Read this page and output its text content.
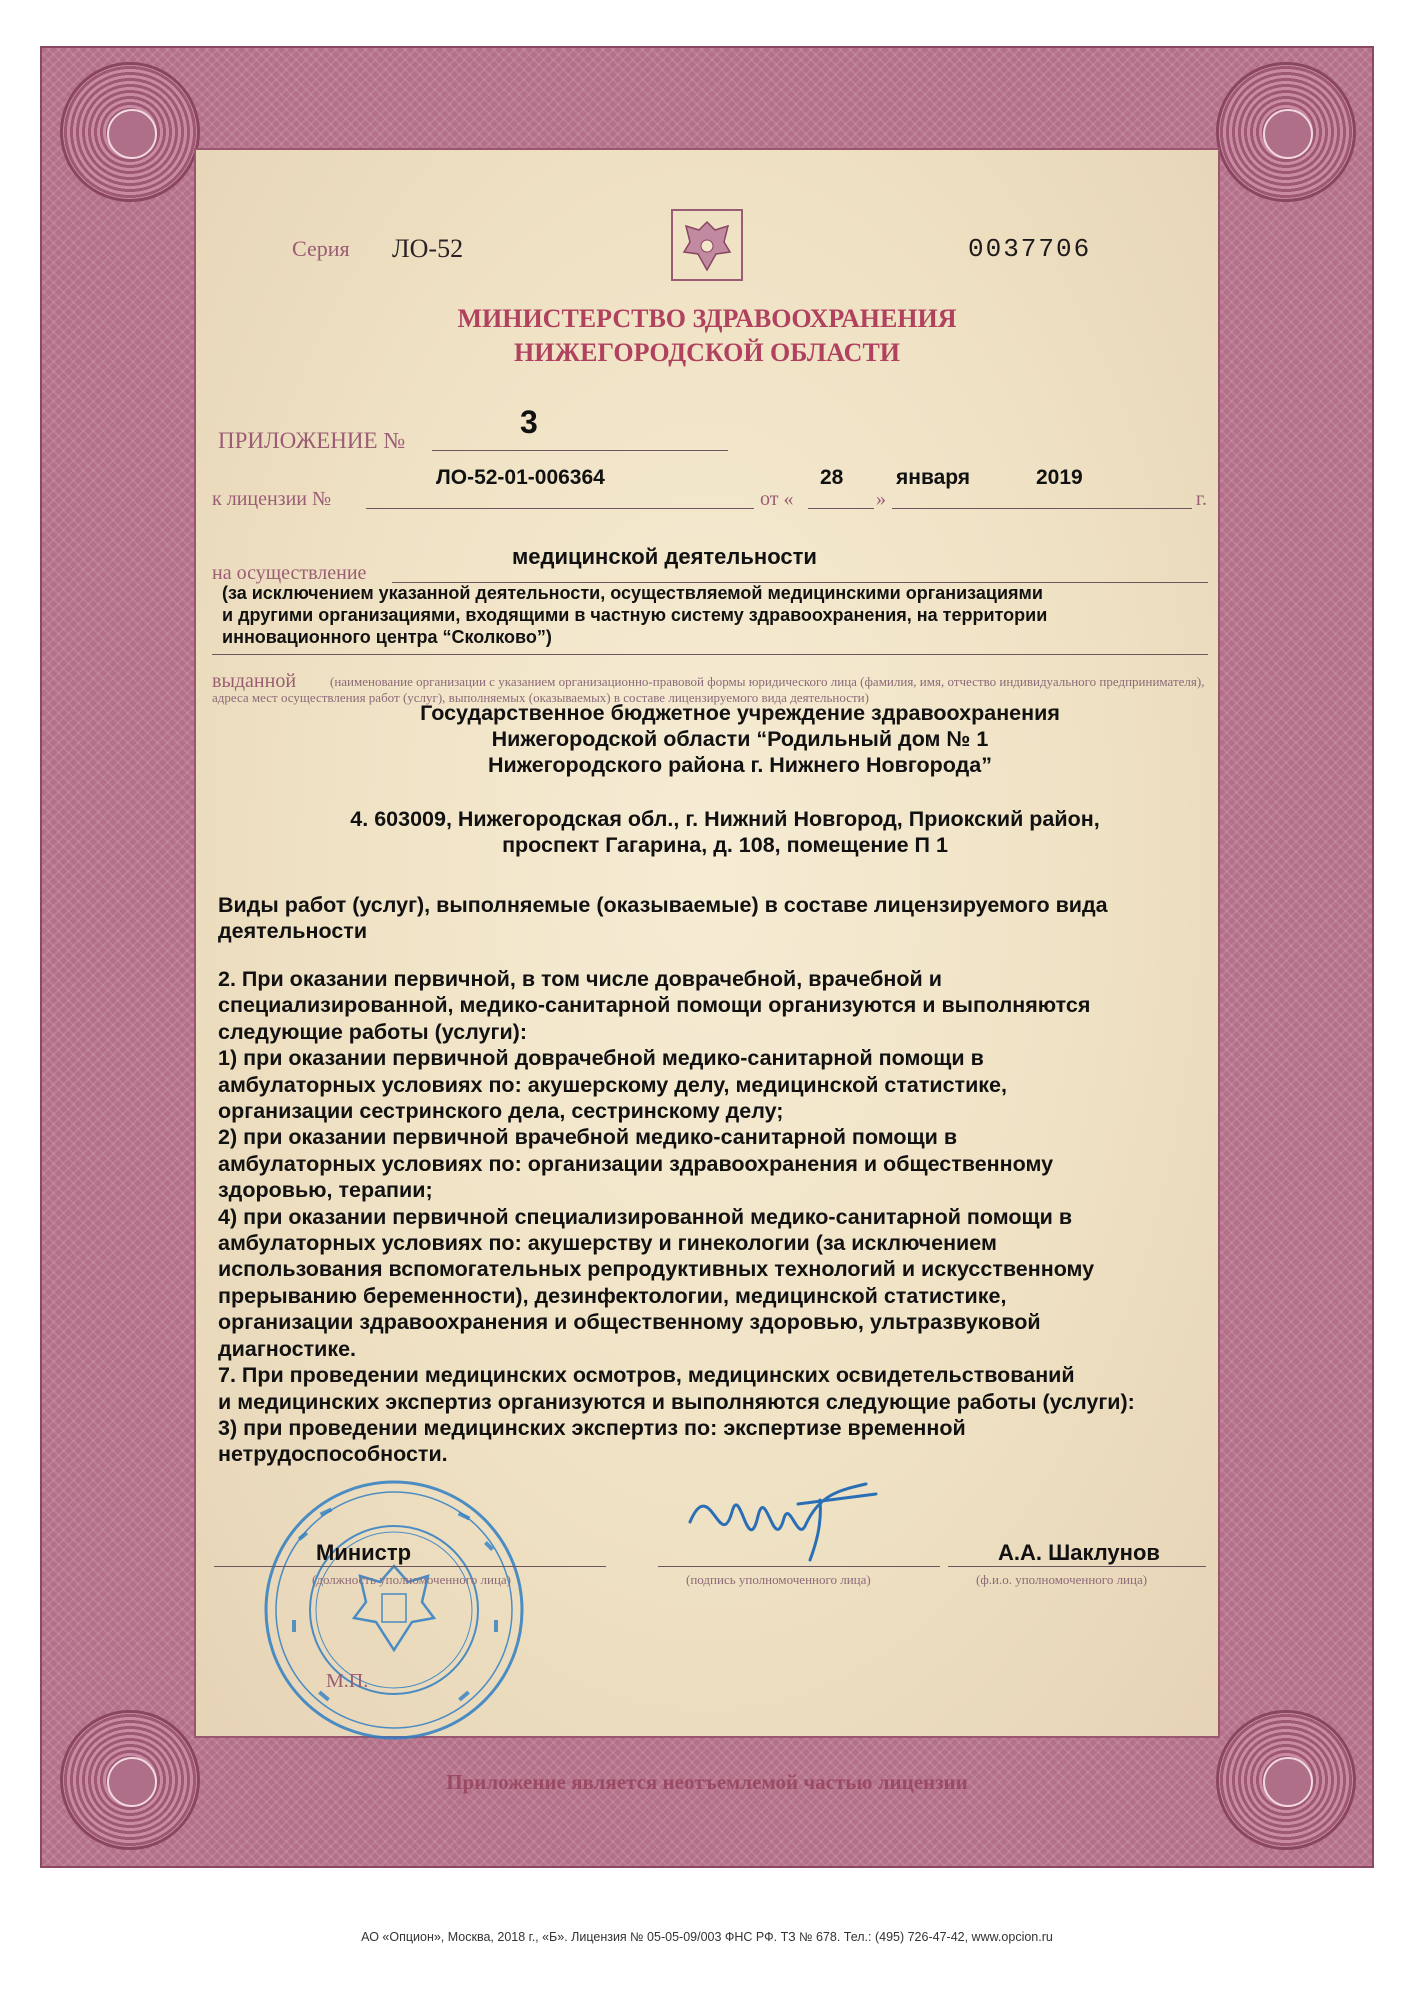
Серия ЛО-52	0037706
МИНИСТЕРСТВО ЗДРАВООХРАНЕНИЯ
НИЖЕГОРОДСКОЙ ОБЛАСТИ
ПРИЛОЖЕНИЕ №
3
к лицензии №
ЛО-52-01-006364
от «
28
»
января	2019
г.
на осуществление
медицинской деятельности
(за исключением указанной деятельности, осуществляемой медицинскими организациями
и другими организациями, входящими в частную систему здравоохранения, на территории
инновационного центра “Сколково”)
выданной	(наименование организации с указанием организационно-правовой формы юридического лица (фамилия, имя, отчество индивидуального предпринимателя), адреса мест осуществления работ (услуг), выполняемых (оказываемых) в составе лицензируемого вида деятельности)
Государственное бюджетное учреждение здравоохранения
Нижегородской области “Родильный дом № 1
Нижегородского района г. Нижнего Новгорода”
4. 603009, Нижегородская обл., г. Нижний Новгород, Приокский район,
проспект Гагарина, д. 108, помещение П 1
Виды работ (услуг), выполняемые (оказываемые) в составе лицензируемого вида
деятельности
2. При оказании первичной, в том числе доврачебной, врачебной и
специализированной, медико-санитарной помощи организуются и выполняются
следующие работы (услуги):
1) при оказании первичной доврачебной медико-санитарной помощи в
амбулаторных условиях по: акушерскому делу, медицинской статистике,
организации сестринского дела, сестринскому делу;
2) при оказании первичной врачебной медико-санитарной помощи в
амбулаторных условиях по: организации здравоохранения и общественному
здоровью, терапии;
4) при оказании первичной специализированной медико-санитарной помощи в
амбулаторных условиях по: акушерству и гинекологии (за исключением
использования вспомогательных репродуктивных технологий и искусственному
прерыванию беременности), дезинфектологии, медицинской статистике,
организации здравоохранения и общественному здоровью, ультразвуковой
диагностике.
7. При проведении медицинских осмотров, медицинских освидетельствований
и медицинских экспертиз организуются и выполняются следующие работы (услуги):
3) при проведении медицинских экспертиз по: экспертизе временной
нетрудоспособности.
Министр
(должность уполномоченного лица)	(подпись уполномоченного лица)
А.А. Шаклунов
(ф.и.о. уполномоченного лица)
М.П.
Приложение является неотъемлемой частью лицензии
АО «Опцион», Москва, 2018 г., «Б». Лицензия № 05-05-09/003 ФНС РФ. ТЗ № 678. Тел.: (495) 726-47-42, www.opcion.ru
